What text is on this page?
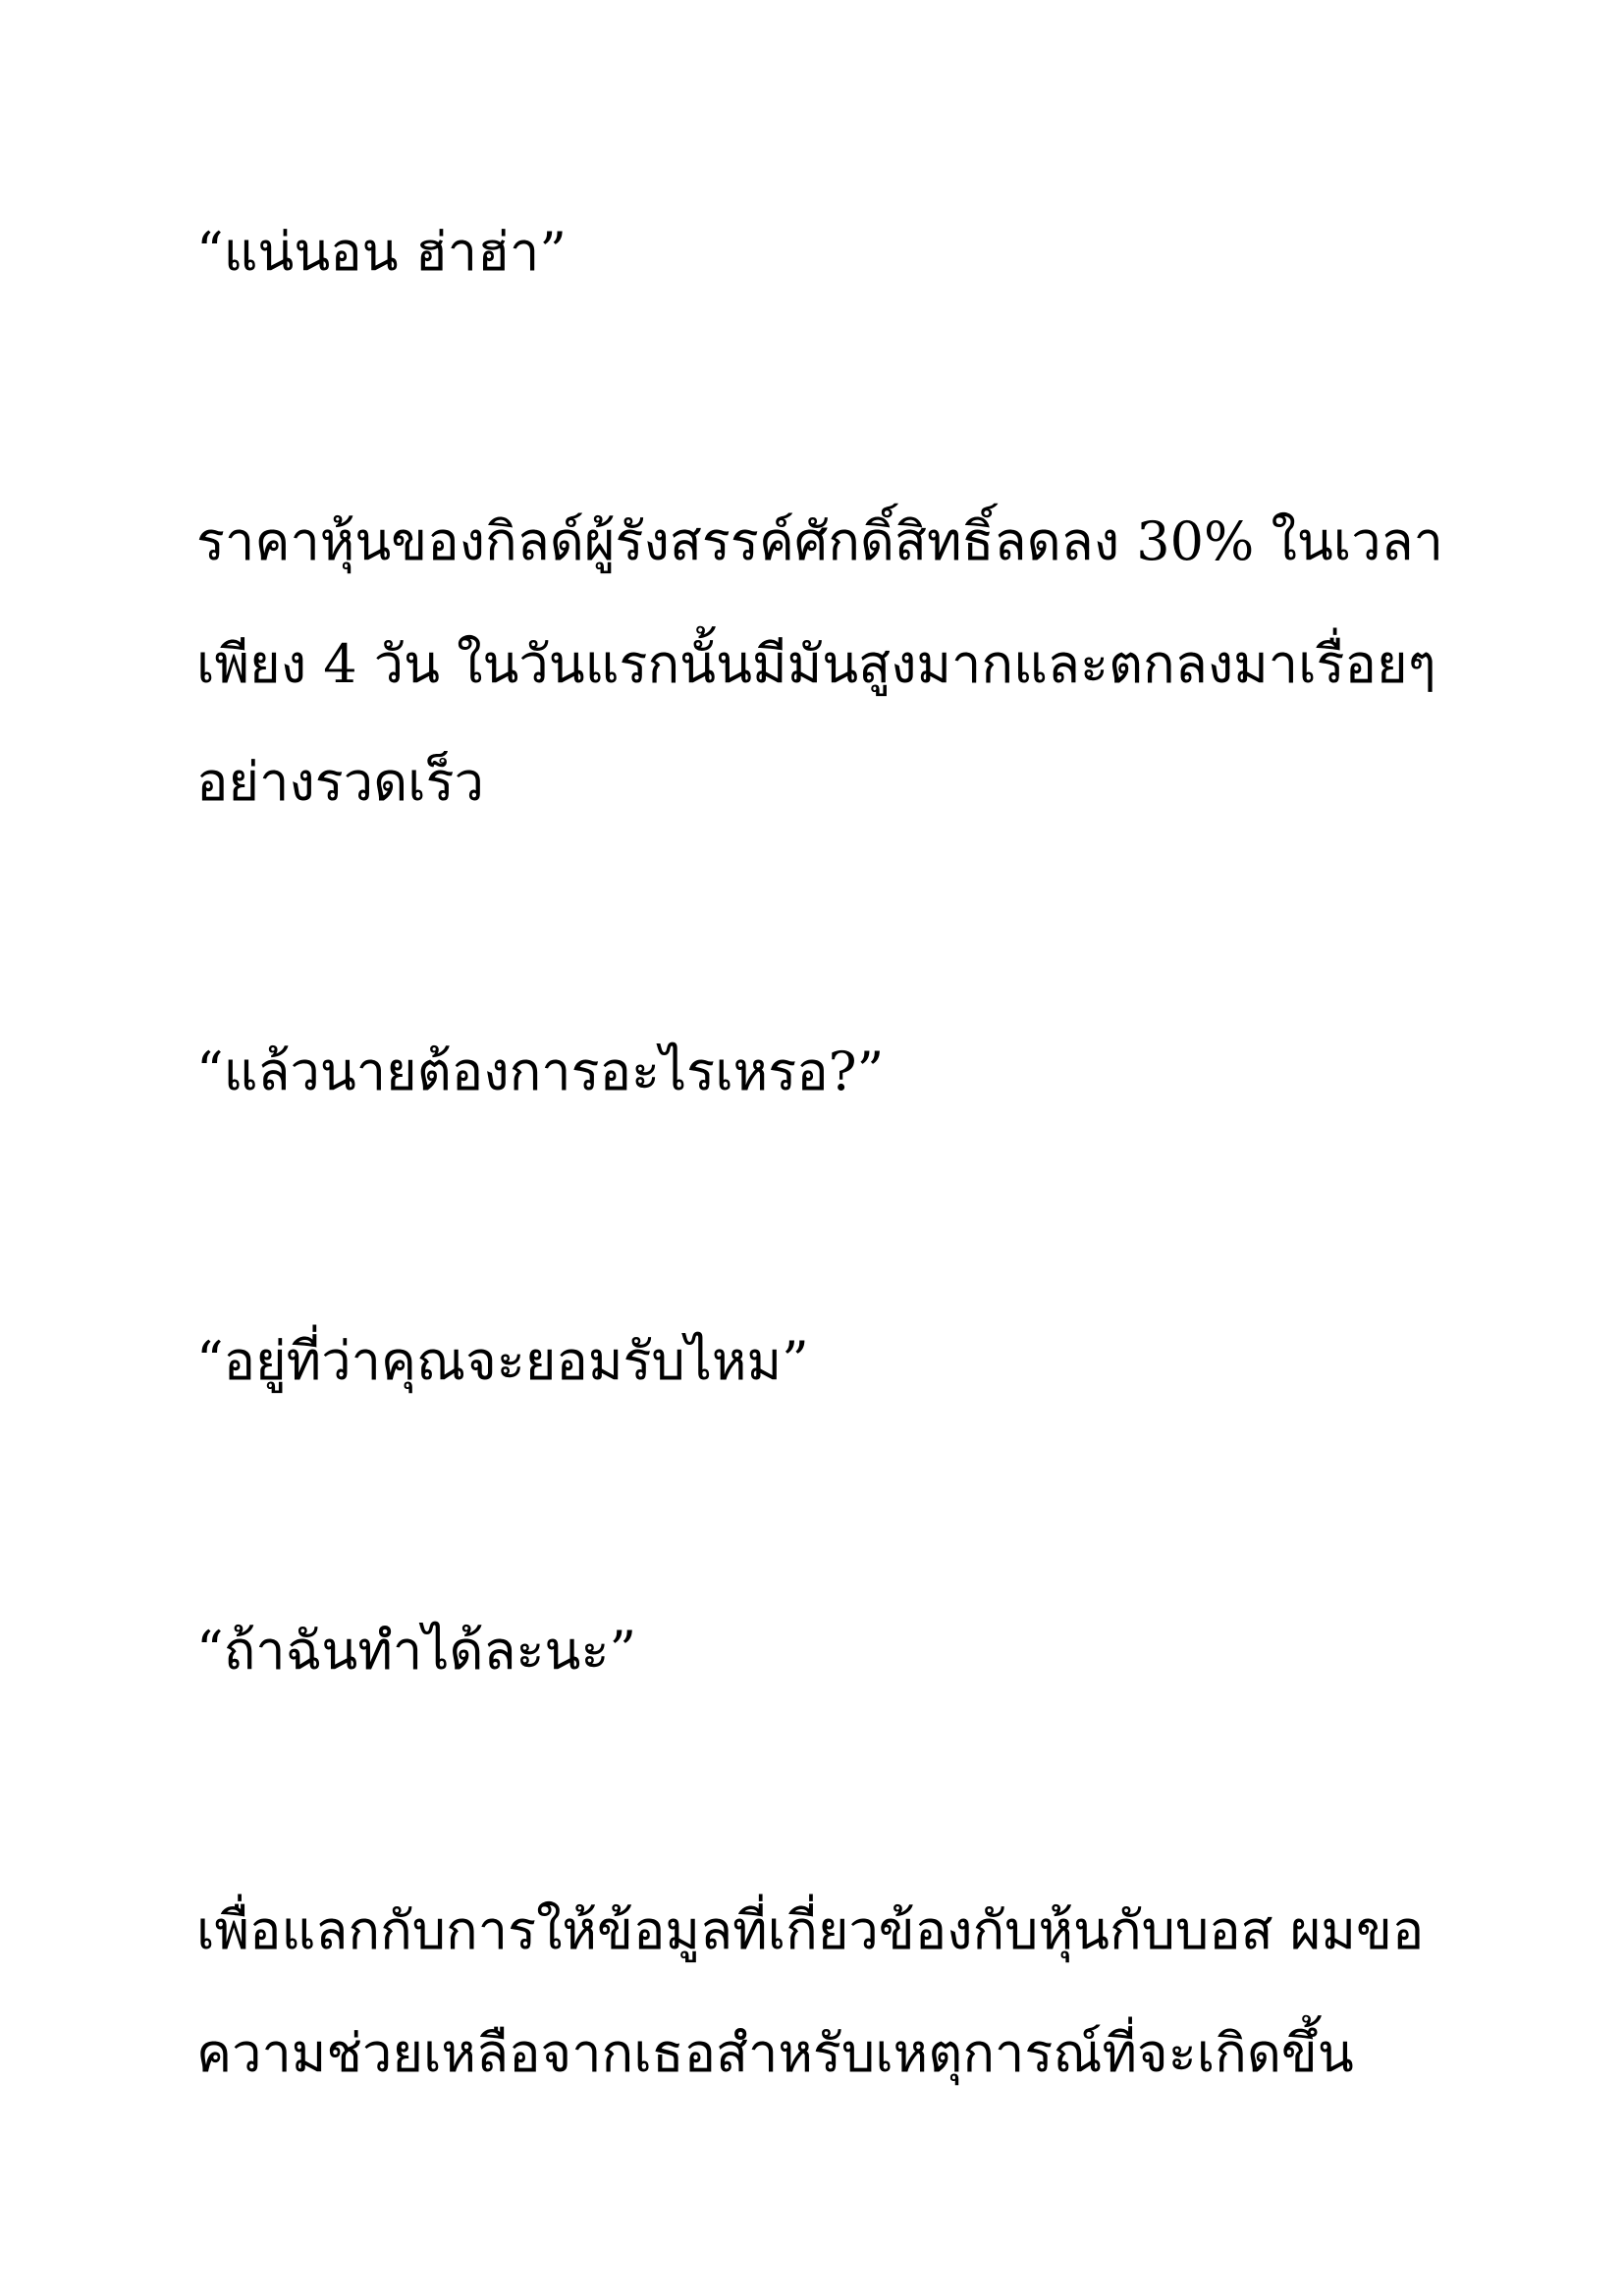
“แน่นอน ฮ่าฮ่า”

ราคาหุ้นของกิลด์ผู้รังสรรค์ศักดิ์สิทธิ์ลดลง 30% ในเวลา

เพียง 4 วัน ในวันแรกนั้นมีมันสูงมากและตกลงมาเรื่อยๆ

อย่างรวดเร็ว

“แล้วนายต้องการอะไรเหรอ?”

“อยู่ที่ว่าคุณจะยอมรับไหม”

“ถ้าฉันทำได้ละนะ”

เพื่อแลกกับการให้ข้อมูลที่เกี่ยวข้องกับหุ้นกับบอส ผมขอ

ความช่วยเหลือจากเธอสำหรับเหตุการณ์ที่จะเกิดขึ้น
